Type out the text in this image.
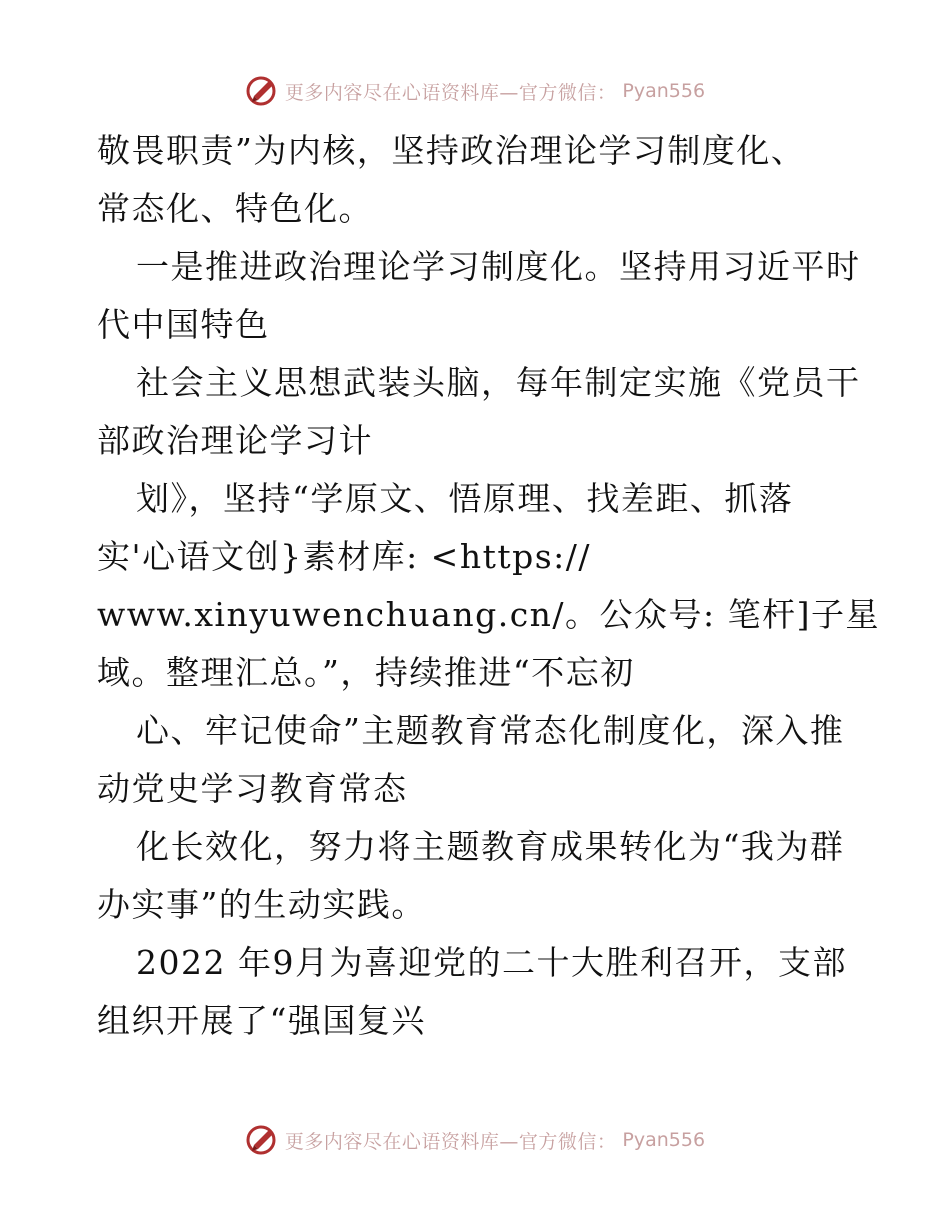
更多内容尽在心语资料库—官方微信： Pyan556
敬畏职责”为内核，坚持政治理论学习制度化、
常态化、特色化。
一是推进政治理论学习制度化。坚持用习近平时
代中国特色
社会主义思想武装头脑，每年制定实施《党员干
部政治理论学习计
划》，坚持“学原文、悟原理、找差距、抓落
实'心语文创}素材库: <https://
www.xinyuwenchuang.cn/。公众号: 笔杆]子星
域。整理汇总。”，持续推进“不忘初
心、牢记使命”主题教育常态化制度化，深入推
动党史学习教育常态
化长效化，努力将主题教育成果转化为“我为群
办实事”的生动实践。
2022 年9月为喜迎党的二十大胜利召开，支部
组织开展了“强国复兴
更多内容尽在心语资料库—官方微信： Pyan556
